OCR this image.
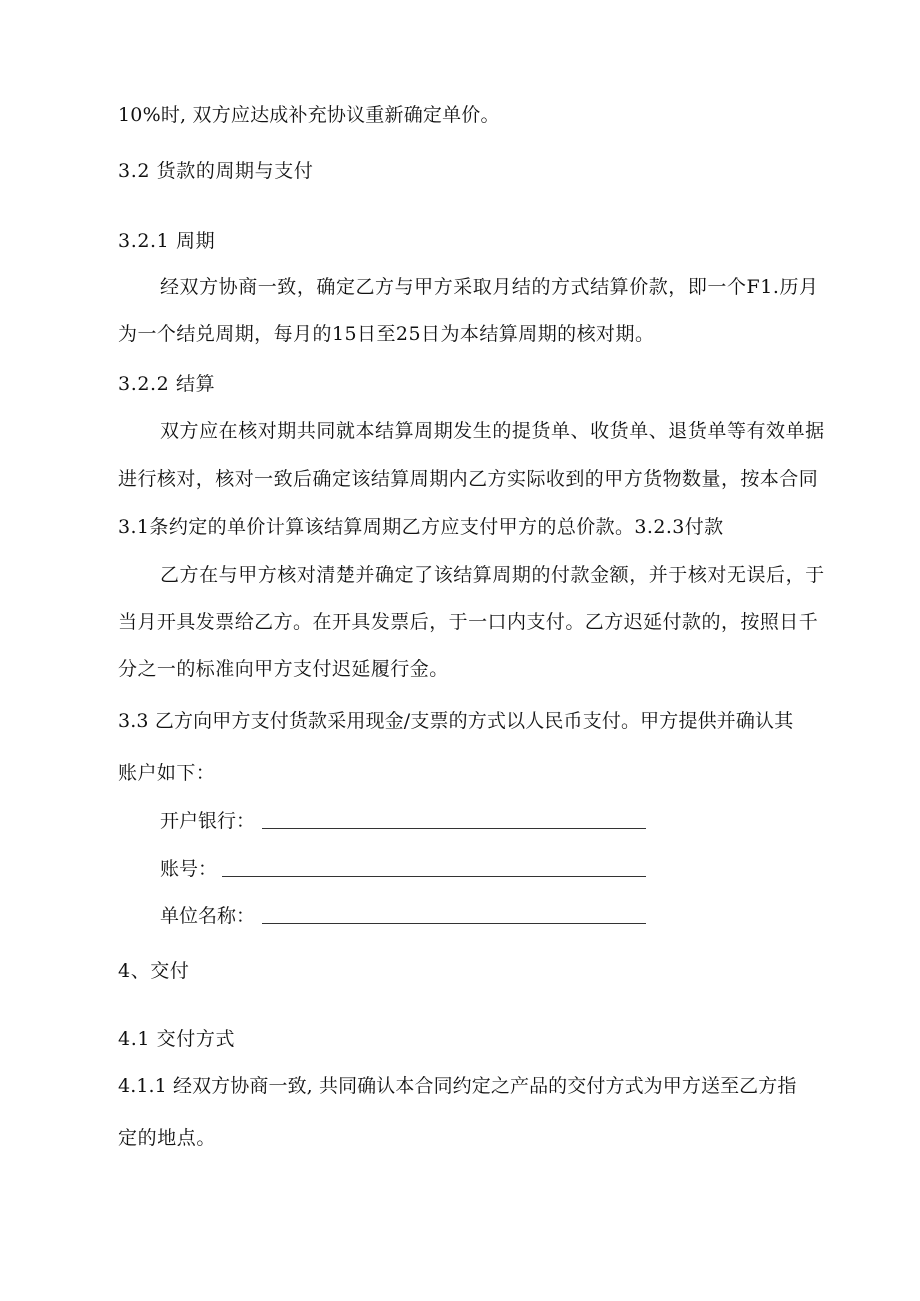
10%时, 双方应达成补充协议重新确定单价。
3.2 货款的周期与支付
3.2.1 周期
经双方协商一致，确定乙方与甲方采取月结的方式结算价款，即一个F1.历月
为一个结兑周期，每月的15日至25日为本结算周期的核对期。
3.2.2 结算
双方应在核对期共同就本结算周期发生的提货单、收货单、退货单等有效单据
进行核对，核对一致后确定该结算周期内乙方实际收到的甲方货物数量，按本合同
3.1条约定的单价计算该结算周期乙方应支付甲方的总价款。3.2.3付款
乙方在与甲方核对清楚并确定了该结算周期的付款金额，并于核对无误后，于
当月开具发票给乙方。在开具发票后，于一口内支付。乙方迟延付款的，按照日千
分之一的标准向甲方支付迟延履行金。
3.3 乙方向甲方支付货款采用现金/支票的方式以人民币支付。甲方提供并确认其
账户如下：
开户银行：
账号：
单位名称：
4、交付
4.1 交付方式
4.1.1 经双方协商一致, 共同确认本合同约定之产品的交付方式为甲方送至乙方指
定的地点。
